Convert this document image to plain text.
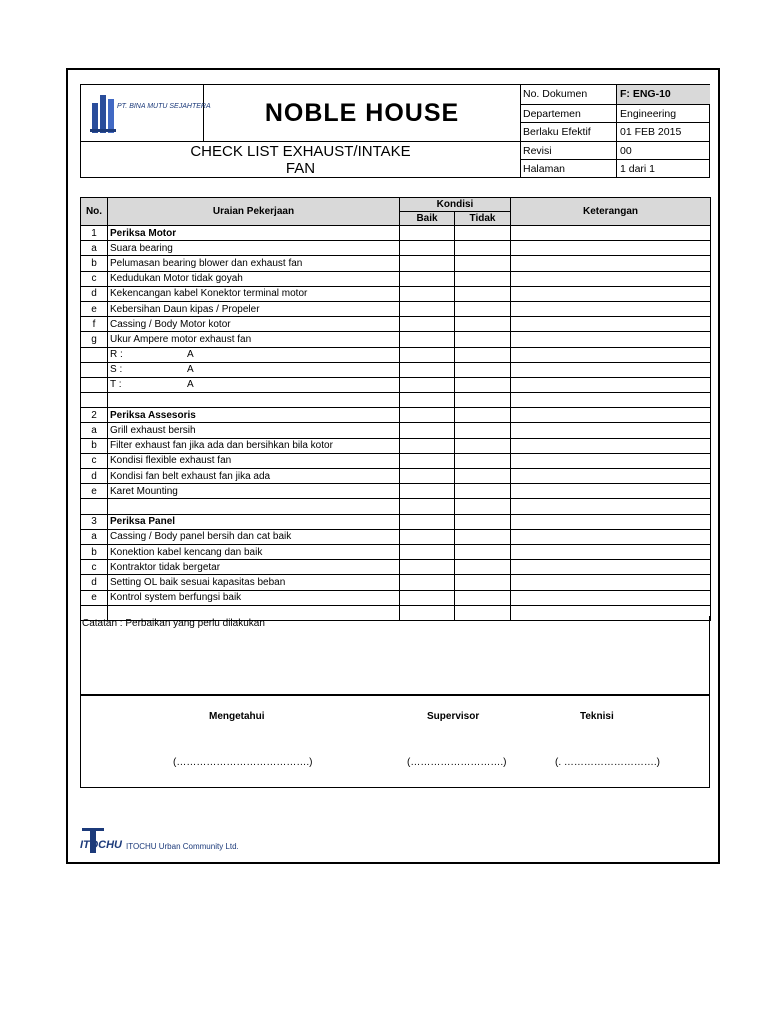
PT. BINA MUTU SEJAHTERA	NOBLE HOUSE
CHECK LIST EXHAUST/INTAKE
FAN
No. Dokumen	F: ENG-10
Departemen	Engineering
Berlaku Efektif	01 FEB 2015
Revisi	00
Halaman	1 dari 1
No.	Uraian Pekerjaan	Kondisi		Keterangan
		Baik	Tidak	
1	Periksa Motor			
a	Suara bearing			
b	Pelumasan bearing blower dan exhaust fan			
c	Kedudukan Motor tidak goyah			
d	Kekencangan kabel Konektor terminal motor			
e	Kebersihan Daun kipas / Propeler			
f	Cassing / Body Motor kotor			
g	Ukur Ampere motor exhaust fan			
	R : A			
	S : A			
	T : A			

2	Periksa Assesoris			
a	Grill exhaust bersih			
b	Filter exhaust fan jika ada dan bersihkan bila kotor			
c	Kondisi flexible exhaust fan			
d	Kondisi fan belt exhaust fan jika ada			
e	Karet Mounting			

3	Periksa Panel			
a	Cassing / Body panel bersih dan cat baik			
b	Konektion kabel kencang dan baik			
c	Kontraktor tidak bergetar			
d	Setting OL baik sesuai kapasitas beban			
e	Kontrol system berfungsi baik			

Catatan : Perbaikan yang perlu dilakukan
Mengetahui	Supervisor	Teknisi
(………………………………….)	(……………………….)	(. ……………………….)
ITOCHU ITOCHU Urban Community Ltd.
